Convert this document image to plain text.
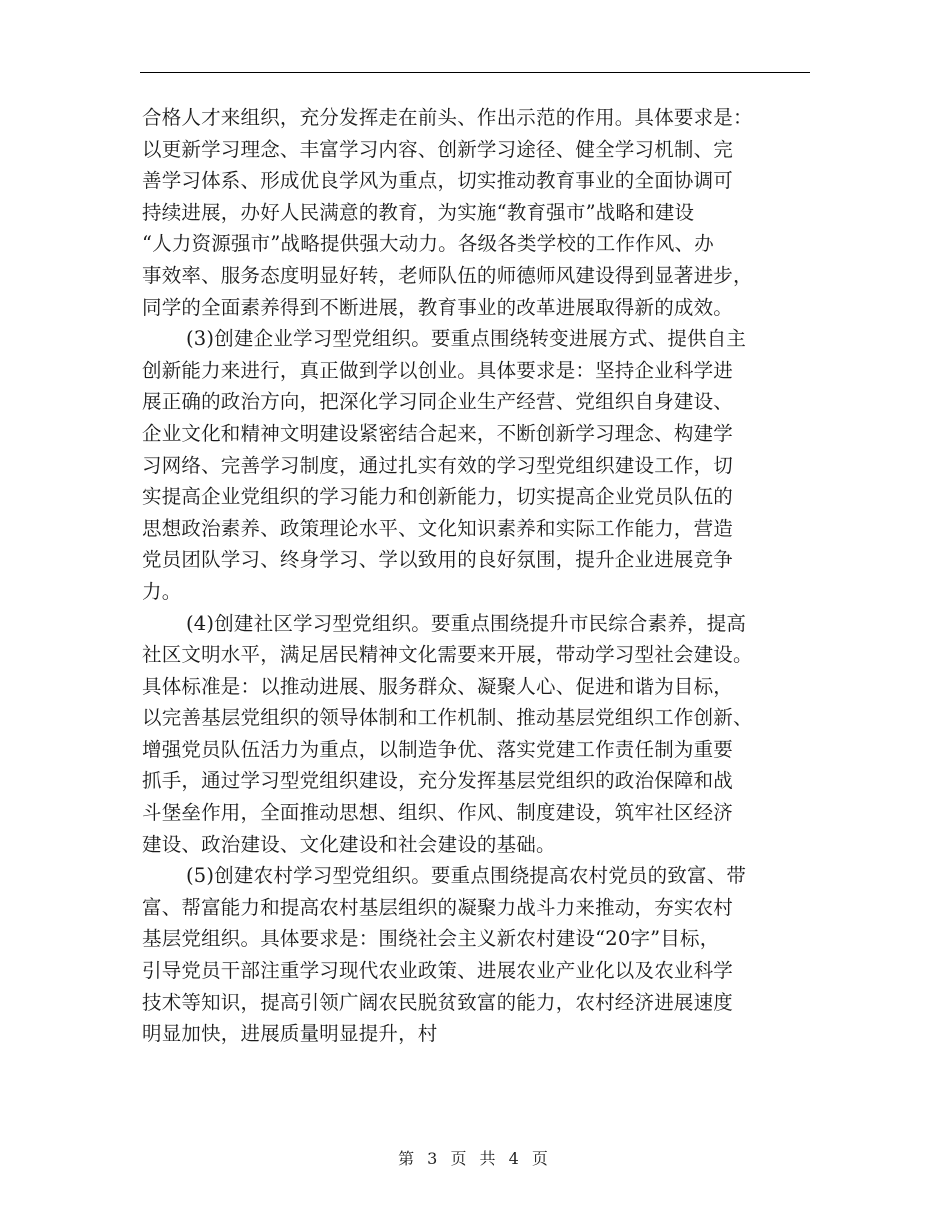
合格人才来组织，充分发挥走在前头、作出示范的作用。具体要求是：
以更新学习理念、丰富学习内容、创新学习途径、健全学习机制、完
善学习体系、形成优良学风为重点，切实推动教育事业的全面协调可
持续进展，办好人民满意的教育，为实施“教育强市”战略和建设
“人力资源强市”战略提供强大动力。各级各类学校的工作作风、办
事效率、服务态度明显好转，老师队伍的师德师风建设得到显著进步，
同学的全面素养得到不断进展，教育事业的改革进展取得新的成效。
(3)创建企业学习型党组织。要重点围绕转变进展方式、提供自主
创新能力来进行，真正做到学以创业。具体要求是：坚持企业科学进
展正确的政治方向，把深化学习同企业生产经营、党组织自身建设、
企业文化和精神文明建设紧密结合起来，不断创新学习理念、构建学
习网络、完善学习制度，通过扎实有效的学习型党组织建设工作，切
实提高企业党组织的学习能力和创新能力，切实提高企业党员队伍的
思想政治素养、政策理论水平、文化知识素养和实际工作能力，营造
党员团队学习、终身学习、学以致用的良好氛围，提升企业进展竞争
力。
(4)创建社区学习型党组织。要重点围绕提升市民综合素养，提高
社区文明水平，满足居民精神文化需要来开展，带动学习型社会建设。
具体标准是：以推动进展、服务群众、凝聚人心、促进和谐为目标，
以完善基层党组织的领导体制和工作机制、推动基层党组织工作创新、
增强党员队伍活力为重点，以制造争优、落实党建工作责任制为重要
抓手，通过学习型党组织建设，充分发挥基层党组织的政治保障和战
斗堡垒作用，全面推动思想、组织、作风、制度建设，筑牢社区经济
建设、政治建设、文化建设和社会建设的基础。
(5)创建农村学习型党组织。要重点围绕提高农村党员的致富、带
富、帮富能力和提高农村基层组织的凝聚力战斗力来推动，夯实农村
基层党组织。具体要求是：围绕社会主义新农村建设“20字”目标，
引导党员干部注重学习现代农业政策、进展农业产业化以及农业科学
技术等知识，提高引领广阔农民脱贫致富的能力，农村经济进展速度
明显加快，进展质量明显提升，村
第 3 页 共 4 页
